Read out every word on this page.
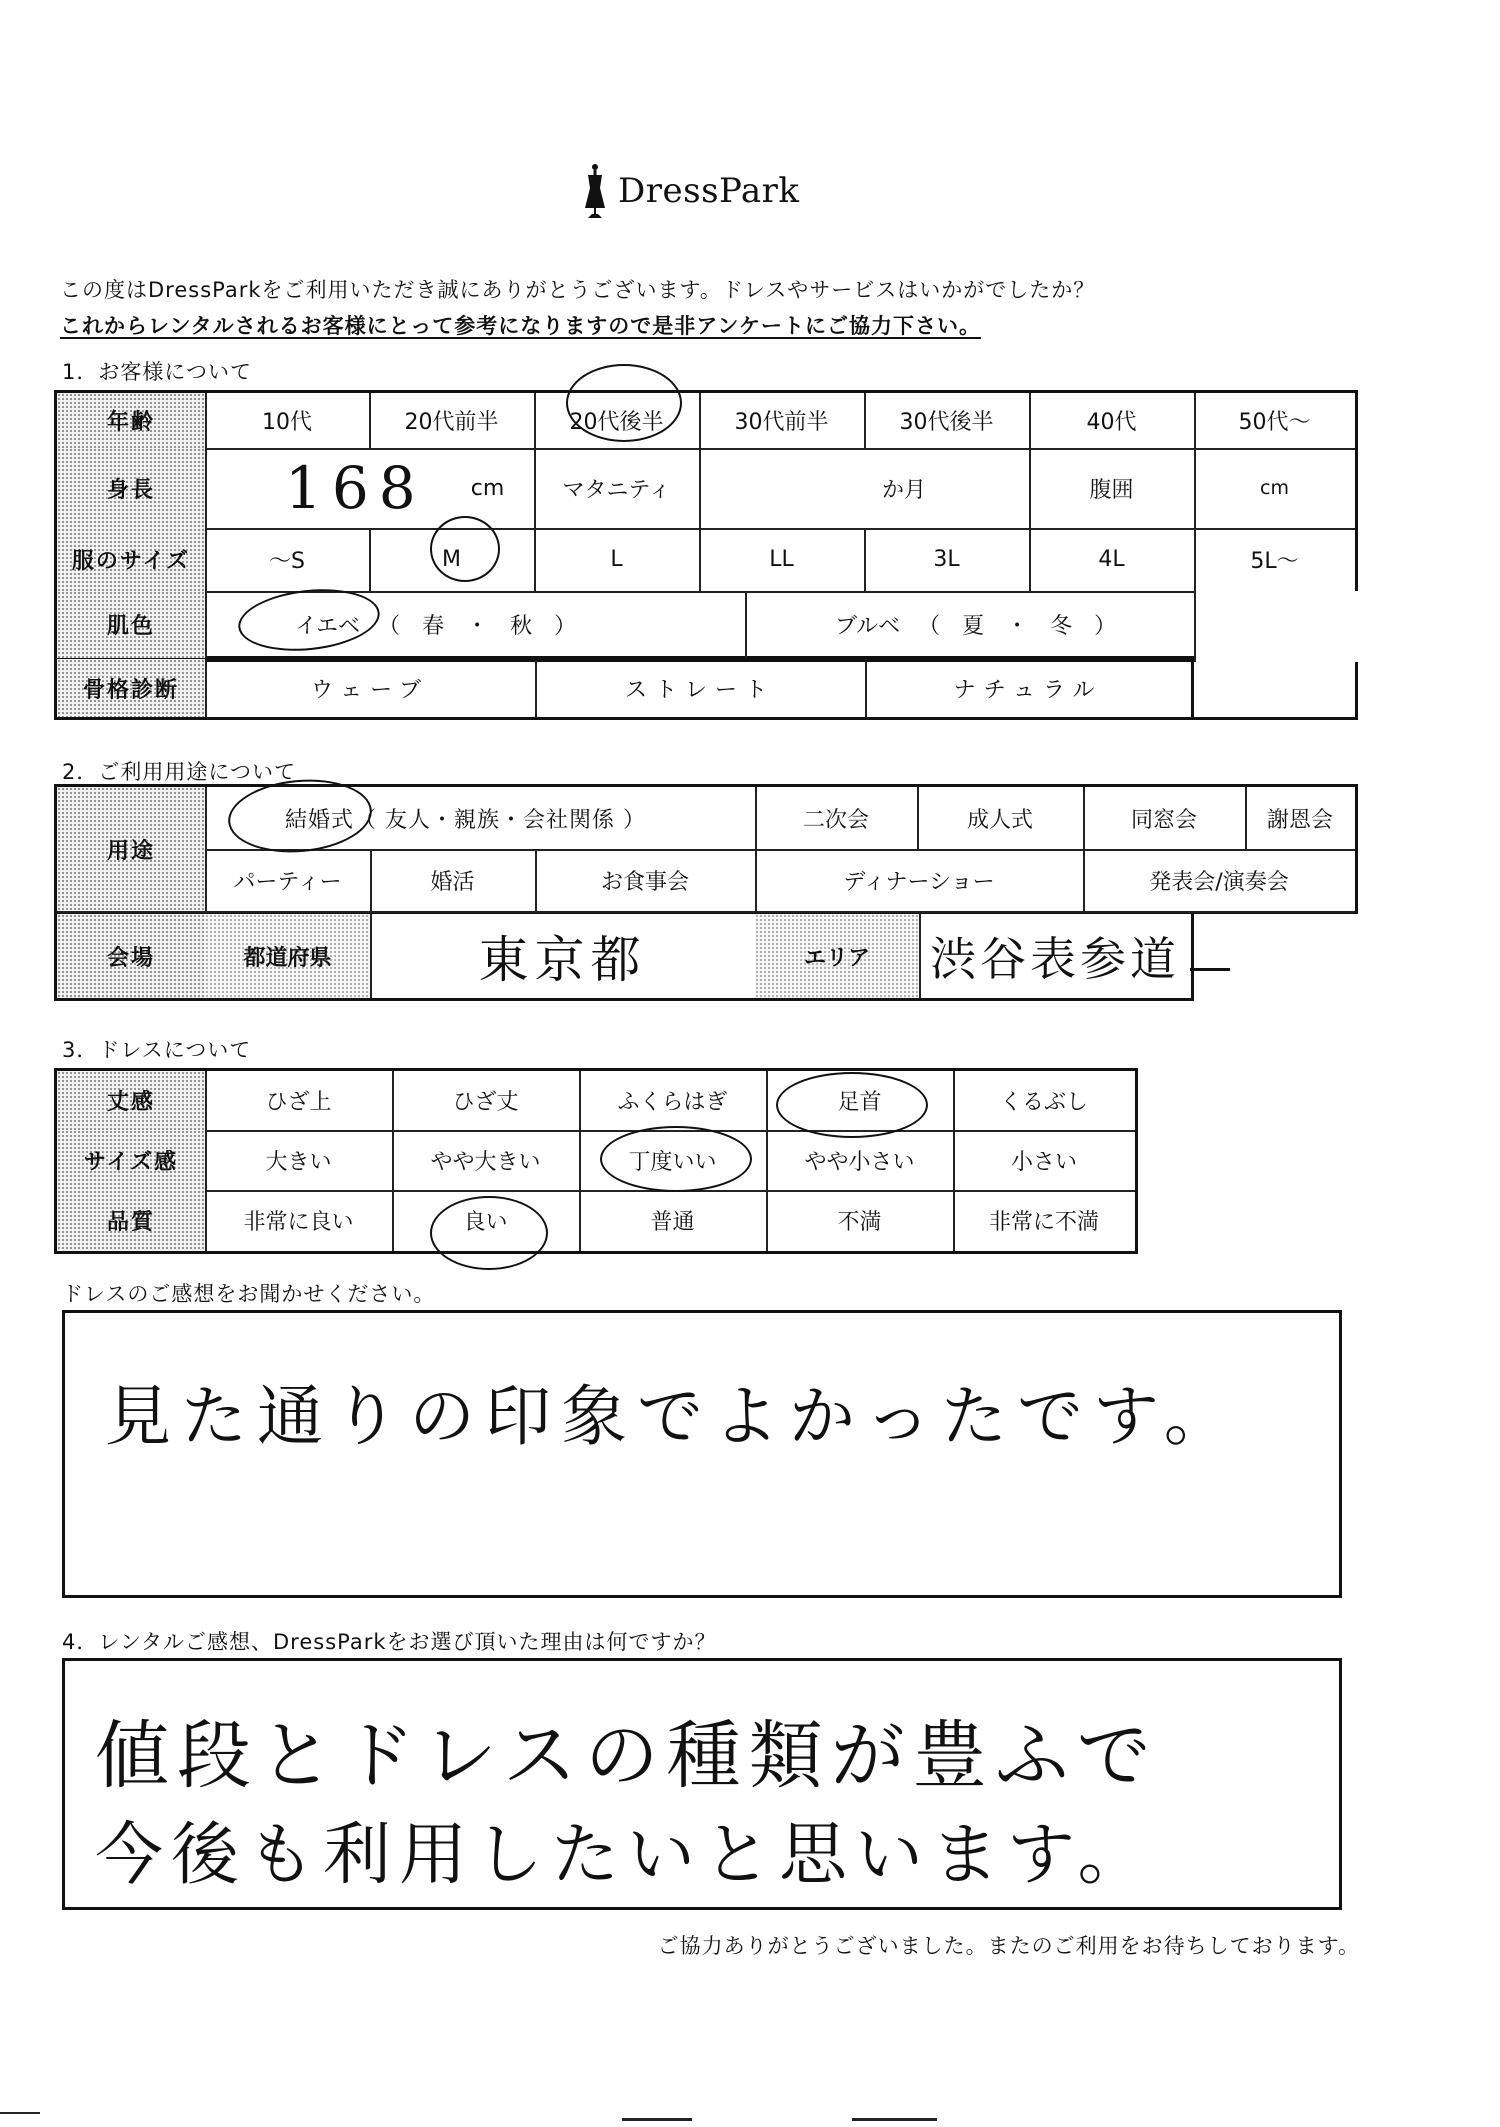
DressPark
この度はDressParkをご利用いただき誠にありがとうございます。ドレスやサービスはいかがでしたか？
これからレンタルされるお客様にとって参考になりますので是非アンケートにご協力下さい。
1．お客様について
年齢	10代	20代前半	20代後半	30代前半	30代後半	40代	50代～
身長	168 cm	マタニティ	か月	腹囲	cm
服のサイズ	～S	M	L	LL	3L	4L	5L～
肌色	イエベ （　春　・　秋　）	ブルベ （　夏　・　冬　）
骨格診断	ウェーブ	ストレート	ナチュラル
2．ご利用用途について
用途
結婚式（ 友人・親族・会社関係 ）	二次会	成人式	同窓会	謝恩会
パーティー	婚活	お食事会	ディナーショー	発表会/演奏会
会場	都道府県	東京都	エリア	渋谷表参道
3．ドレスについて
丈感	ひざ上	ひざ丈	ふくらはぎ	足首	くるぶし
サイズ感	大きい	やや大きい	丁度いい	やや小さい	小さい
品質	非常に良い	良い	普通	不満	非常に不満
ドレスのご感想をお聞かせください。
見た通りの印象でよかったです。
4．レンタルご感想、DressParkをお選び頂いた理由は何ですか？
値段とドレスの種類が豊ふで
今後も利用したいと思います。
ご協力ありがとうございました。またのご利用をお待ちしております。
